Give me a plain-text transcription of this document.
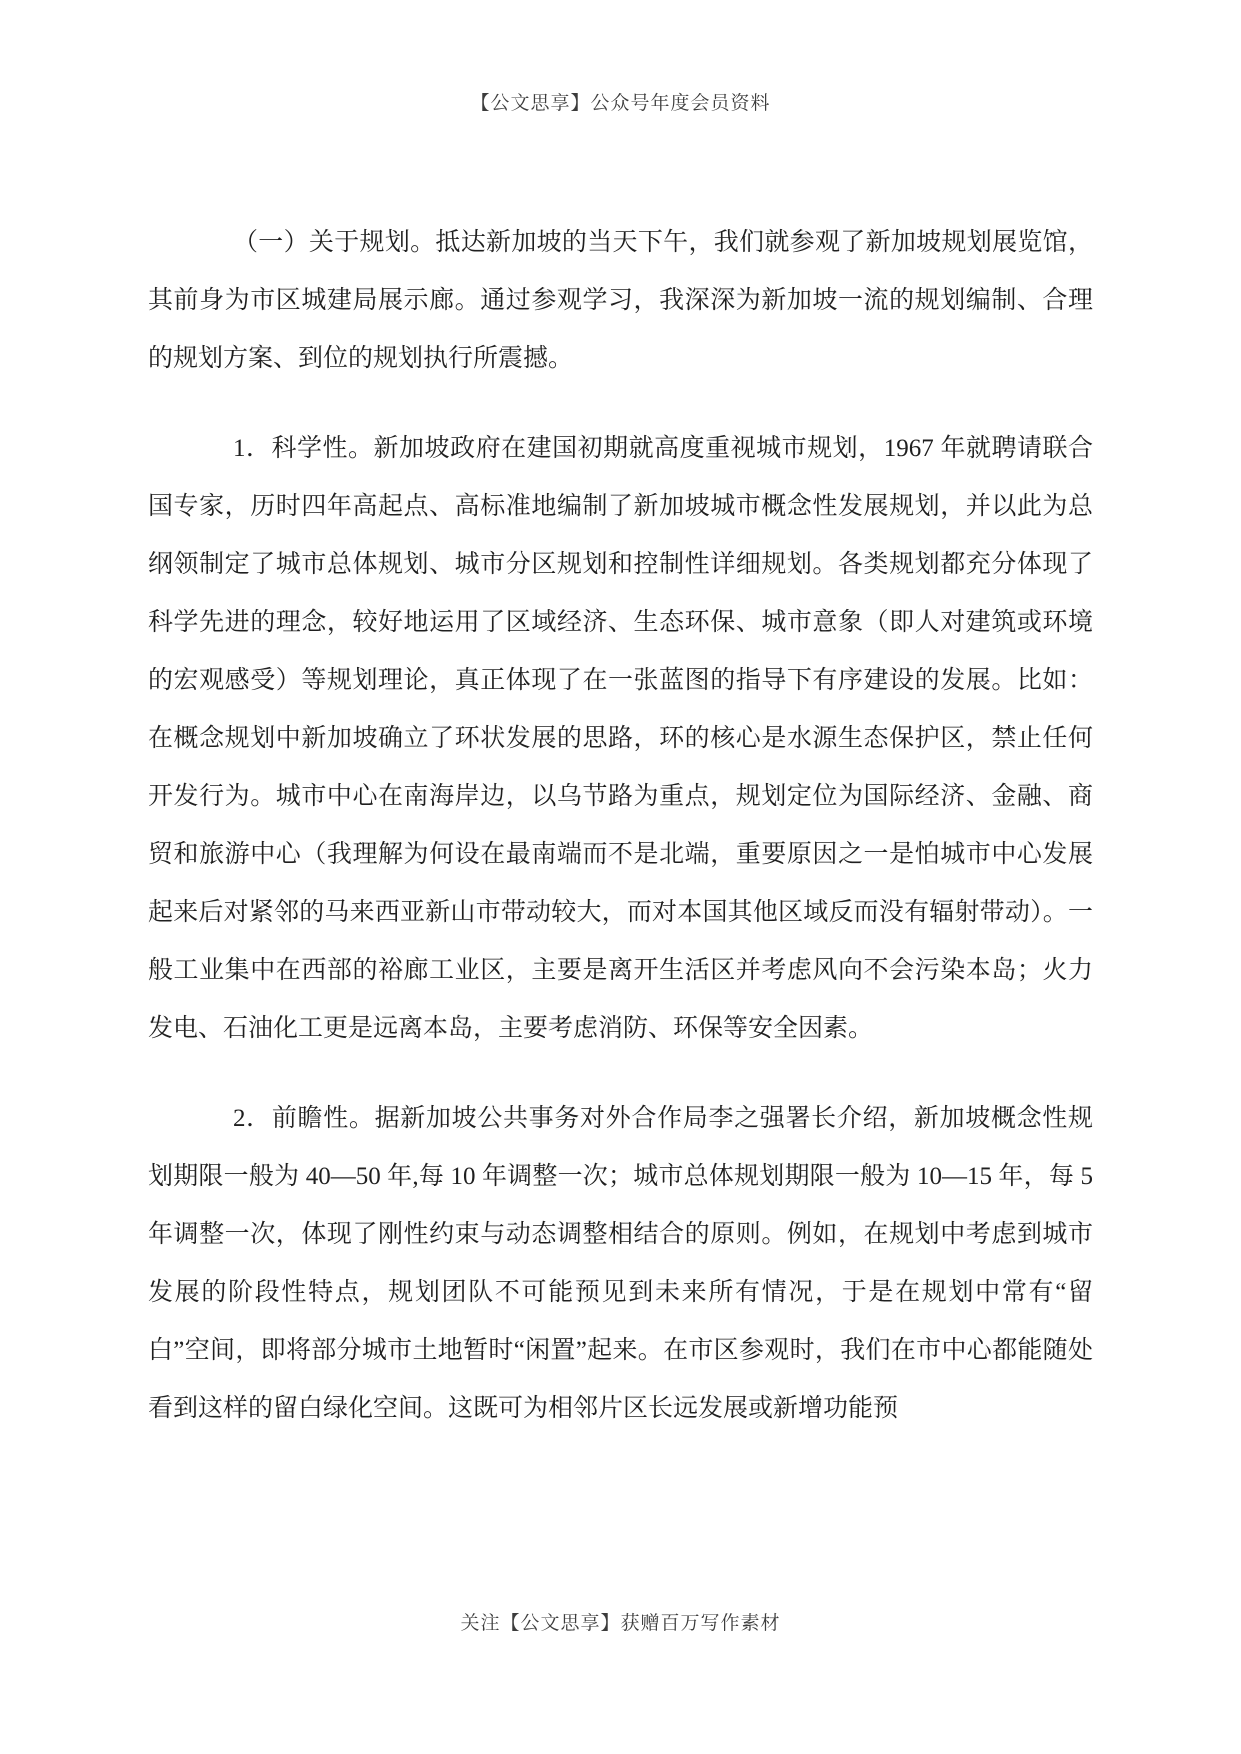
【公文思享】公众号年度会员资料

（一）关于规划。抵达新加坡的当天下午，我们就参观了新加坡规划展览馆，其前身为市区城建局展示廊。通过参观学习，我深深为新加坡一流的规划编制、合理的规划方案、到位的规划执行所震撼。

1．科学性。新加坡政府在建国初期就高度重视城市规划，1967 年就聘请联合国专家，历时四年高起点、高标准地编制了新加坡城市概念性发展规划，并以此为总纲领制定了城市总体规划、城市分区规划和控制性详细规划。各类规划都充分体现了科学先进的理念，较好地运用了区域经济、生态环保、城市意象（即人对建筑或环境的宏观感受）等规划理论，真正体现了在一张蓝图的指导下有序建设的发展。比如：在概念规划中新加坡确立了环状发展的思路，环的核心是水源生态保护区，禁止任何开发行为。城市中心在南海岸边，以乌节路为重点，规划定位为国际经济、金融、商贸和旅游中心（我理解为何设在最南端而不是北端，重要原因之一是怕城市中心发展起来后对紧邻的马来西亚新山市带动较大，而对本国其他区域反而没有辐射带动）。一般工业集中在西部的裕廊工业区，主要是离开生活区并考虑风向不会污染本岛；火力发电、石油化工更是远离本岛，主要考虑消防、环保等安全因素。

2．前瞻性。据新加坡公共事务对外合作局李之强署长介绍，新加坡概念性规划期限一般为 40—50 年,每 10 年调整一次；城市总体规划期限一般为 10—15 年，每 5 年调整一次，体现了刚性约束与动态调整相结合的原则。例如，在规划中考虑到城市发展的阶段性特点，规划团队不可能预见到未来所有情况，于是在规划中常有“留白”空间，即将部分城市土地暂时“闲置”起来。在市区参观时，我们在市中心都能随处看到这样的留白绿化空间。这既可为相邻片区长远发展或新增功能预

关注【公文思享】获赠百万写作素材
